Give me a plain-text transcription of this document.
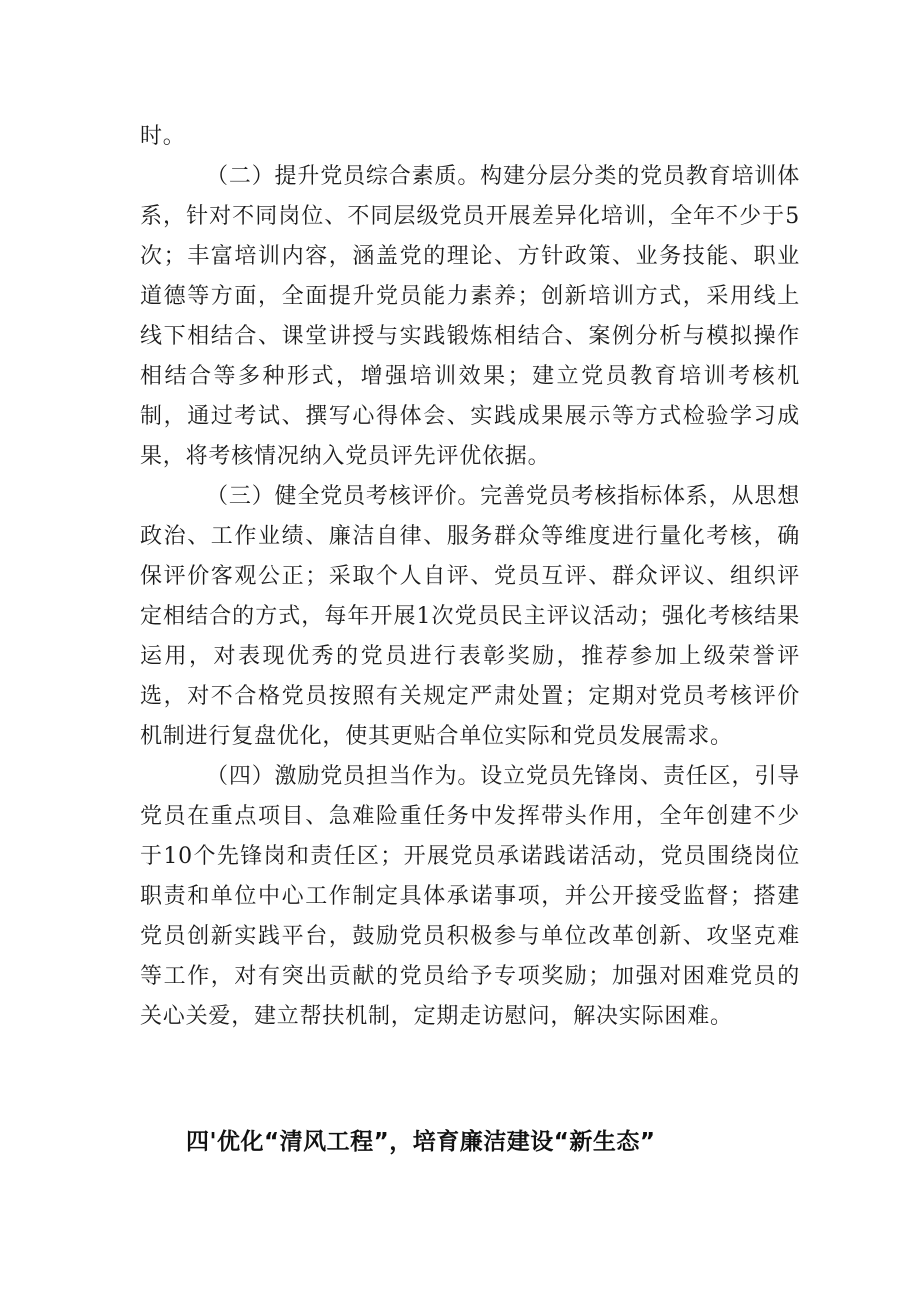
时。

（二）提升党员综合素质。构建分层分类的党员教育培训体系，针对不同岗位、不同层级党员开展差异化培训，全年不少于5次；丰富培训内容，涵盖党的理论、方针政策、业务技能、职业道德等方面，全面提升党员能力素养；创新培训方式，采用线上线下相结合、课堂讲授与实践锻炼相结合、案例分析与模拟操作相结合等多种形式，增强培训效果；建立党员教育培训考核机制，通过考试、撰写心得体会、实践成果展示等方式检验学习成果，将考核情况纳入党员评先评优依据。

（三）健全党员考核评价。完善党员考核指标体系，从思想政治、工作业绩、廉洁自律、服务群众等维度进行量化考核，确保评价客观公正；采取个人自评、党员互评、群众评议、组织评定相结合的方式，每年开展1次党员民主评议活动；强化考核结果运用，对表现优秀的党员进行表彰奖励，推荐参加上级荣誉评选，对不合格党员按照有关规定严肃处置；定期对党员考核评价机制进行复盘优化，使其更贴合单位实际和党员发展需求。

（四）激励党员担当作为。设立党员先锋岗、责任区，引导党员在重点项目、急难险重任务中发挥带头作用，全年创建不少于10个先锋岗和责任区；开展党员承诺践诺活动，党员围绕岗位职责和单位中心工作制定具体承诺事项，并公开接受监督；搭建党员创新实践平台，鼓励党员积极参与单位改革创新、攻坚克难等工作，对有突出贡献的党员给予专项奖励；加强对困难党员的关心关爱，建立帮扶机制，定期走访慰问，解决实际困难。

四'优化“清风工程”，培育廉洁建设“新生态”
